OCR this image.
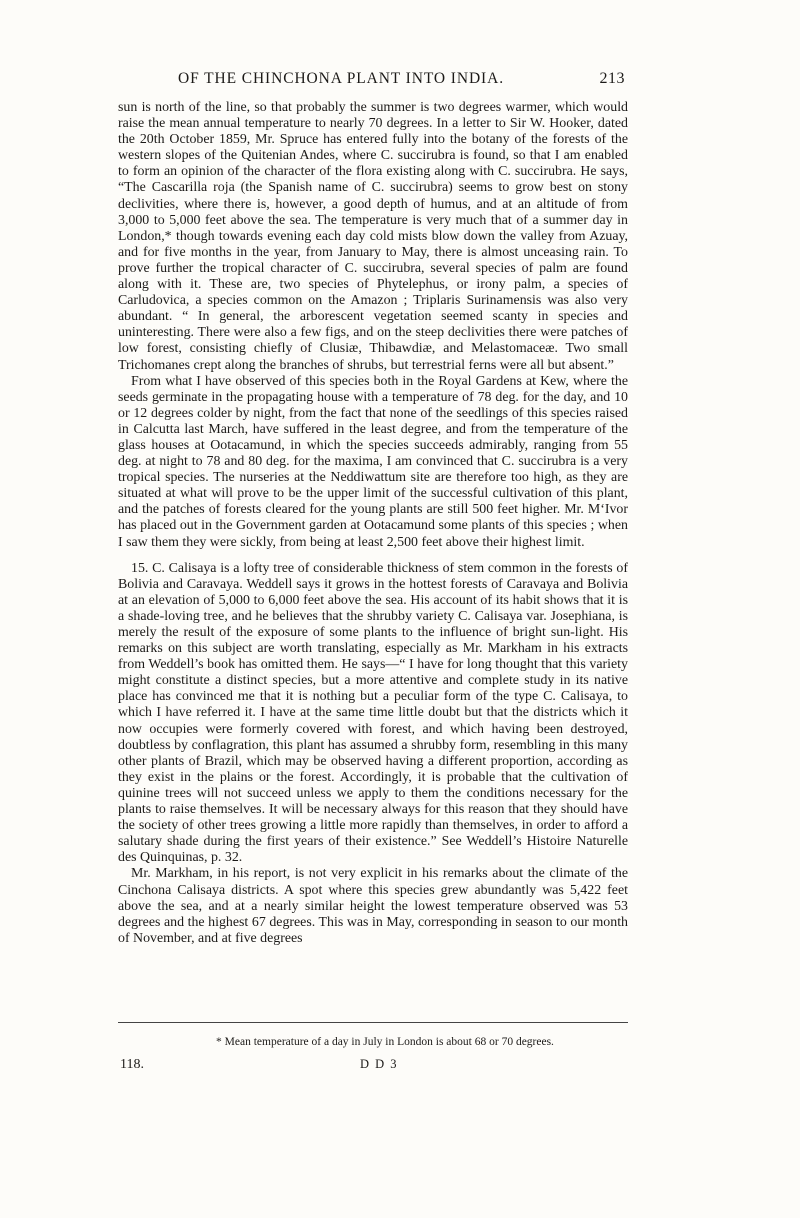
OF THE CHINCHONA PLANT INTO INDIA.	213

sun is north of the line, so that probably the summer is two degrees warmer, which would raise the mean annual temperature to nearly 70 degrees. In a letter to Sir W. Hooker, dated the 20th October 1859, Mr. Spruce has entered fully into the botany of the forests of the western slopes of the Quitenian Andes, where C. succirubra is found, so that I am enabled to form an opinion of the character of the flora existing along with C. succirubra. He says, “The Cascarilla roja (the Spanish name of C. succirubra) seems to grow best on stony declivities, where there is, however, a good depth of humus, and at an altitude of from 3,000 to 5,000 feet above the sea. The temperature is very much that of a summer day in London,* though towards evening each day cold mists blow down the valley from Azuay, and for five months in the year, from January to May, there is almost unceasing rain. To prove further the tropical character of C. succirubra, several species of palm are found along with it. These are, two species of Phytelephus, or irony palm, a species of Carludovica, a species common on the Amazon ; Triplaris Surinamensis was also very abundant. “ In general, the arborescent vegetation seemed scanty in species and uninteresting. There were also a few figs, and on the steep declivities there were patches of low forest, consisting chiefly of Clusiæ, Thibawdiæ, and Melastomaceæ. Two small Trichomanes crept along the branches of shrubs, but terrestrial ferns were all but absent.”

From what I have observed of this species both in the Royal Gardens at Kew, where the seeds germinate in the propagating house with a temperature of 78 deg. for the day, and 10 or 12 degrees colder by night, from the fact that none of the seedlings of this species raised in Calcutta last March, have suffered in the least degree, and from the temperature of the glass houses at Ootacamund, in which the species succeeds admirably, ranging from 55 deg. at night to 78 and 80 deg. for the maxima, I am convinced that C. succirubra is a very tropical species. The nurseries at the Neddiwattum site are therefore too high, as they are situated at what will prove to be the upper limit of the successful cultivation of this plant, and the patches of forests cleared for the young plants are still 500 feet higher. Mr. M‘Ivor has placed out in the Government garden at Ootacamund some plants of this species ; when I saw them they were sickly, from being at least 2,500 feet above their highest limit.

15. C. Calisaya is a lofty tree of considerable thickness of stem common in the forests of Bolivia and Caravaya. Weddell says it grows in the hottest forests of Caravaya and Bolivia at an elevation of 5,000 to 6,000 feet above the sea. His account of its habit shows that it is a shade-loving tree, and he believes that the shrubby variety C. Calisaya var. Josephiana, is merely the result of the exposure of some plants to the influence of bright sun-light. His remarks on this subject are worth translating, especially as Mr. Markham in his extracts from Weddell’s book has omitted them. He says—“ I have for long thought that this variety might constitute a distinct species, but a more attentive and complete study in its native place has convinced me that it is nothing but a peculiar form of the type C. Calisaya, to which I have referred it. I have at the same time little doubt but that the districts which it now occupies were formerly covered with forest, and which having been destroyed, doubtless by conflagration, this plant has assumed a shrubby form, resembling in this many other plants of Brazil, which may be observed having a different proportion, according as they exist in the plains or the forest. Accordingly, it is probable that the cultivation of quinine trees will not succeed unless we apply to them the conditions necessary for the plants to raise themselves. It will be necessary always for this reason that they should have the society of other trees growing a little more rapidly than themselves, in order to afford a salutary shade during the first years of their existence.” See Weddell’s Histoire Naturelle des Quinquinas, p. 32.

Mr. Markham, in his report, is not very explicit in his remarks about the climate of the Cinchona Calisaya districts. A spot where this species grew abundantly was 5,422 feet above the sea, and at a nearly similar height the lowest temperature observed was 53 degrees and the highest 67 degrees. This was in May, corresponding in season to our month of November, and at five degrees

* Mean temperature of a day in July in London is about 68 or 70 degrees.
118.	D D 3
